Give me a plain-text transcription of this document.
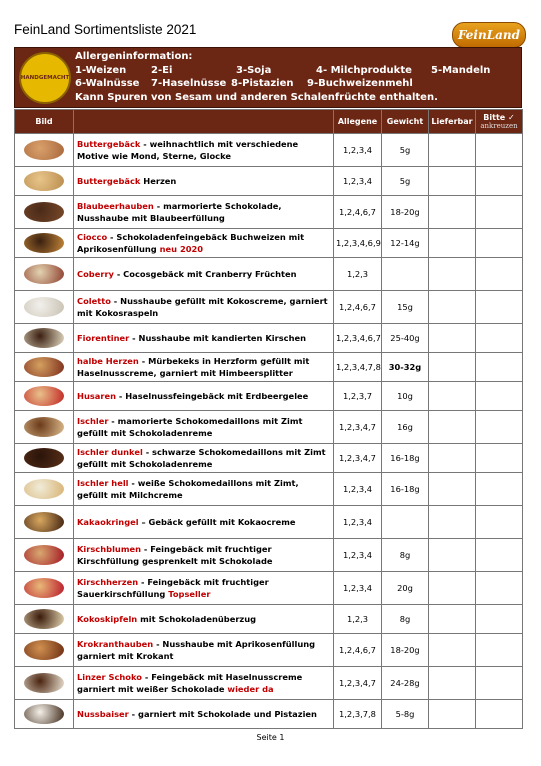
FeinLand Sortimentsliste 2021	FeinLand
HANDGEMACHT
Allergeninformation:
1-Weizen	2-Ei	3-Soja	4- Milchprodukte	5-Mandeln
6-Walnüsse	7-Haselnüsse 8-Pistazien	9-Buchweizenmehl
Kann Spuren von Sesam und anderen Schalenfrüchte enthalten.
Bild		Allegene	Gewicht	Lieferbar	Bitte ✓
ankreuzen

	Buttergebäck - weihnachtlich mit verschiedene Motive wie Mond, Sterne, Glocke	1,2,3,4	5g		

	Buttergebäck Herzen	1,2,3,4	5g		

	Blaubeerhauben - marmorierte Schokolade, Nusshaube mit Blaubeerfüllung	1,2,4,6,7	18-20g		

	Ciocco - Schokoladenfeingebäck Buchweizen mit Aprikosenfüllung neu 2020	1,2,3,4,6,9	12-14g		

	Coberry - Cocosgebäck mit Cranberry Früchten	1,2,3			

	Coletto - Nusshaube gefüllt mit Kokoscreme, garniert mit Kokosraspeln	1,2,4,6,7	15g		

	Fiorentiner - Nusshaube mit kandierten Kirschen	1,2,3,4,6,7	25-40g		

	halbe Herzen - Mürbekeks in Herzform gefüllt mit Haselnusscreme, garniert mit Himbeersplitter	1,2,3,4,7,8	30-32g		

	Husaren - Haselnussfeingebäck mit Erdbeergelee	1,2,3,7	10g		

	Ischler - mamorierte Schokomedaillons mit Zimt gefüllt mit Schokoladenreme	1,2,3,4,7	16g		

	Ischler dunkel - schwarze Schokomedaillons mit Zimt gefüllt mit Schokoladenreme	1,2,3,4,7	16-18g		

	Ischler hell - weiße Schokomedaillons mit Zimt, gefüllt mit Milchcreme	1,2,3,4	16-18g		

	Kakaokringel – Gebäck gefüllt mit Kokaocreme	1,2,3,4			

	Kirschblumen - Feingebäck mit fruchtiger Kirschfüllung gesprenkelt mit Schokolade	1,2,3,4	8g		

	Kirschherzen - Feingebäck mit fruchtiger Sauerkirschfüllung Topseller	1,2,3,4	20g		

	Kokoskipfeln mit Schokoladenüberzug	1,2,3	8g		

	Krokranthauben - Nusshaube mit Aprikosenfüllung garniert mit Krokant	1,2,4,6,7	18-20g		

	Linzer Schoko - Feingebäck mit Haselnusscreme garniert mit weißer Schokolade wieder da	1,2,3,4,7	24-28g		

	Nussbaiser - garniert mit Schokolade und Pistazien	1,2,3,7,8	5-8g		
Seite 1
